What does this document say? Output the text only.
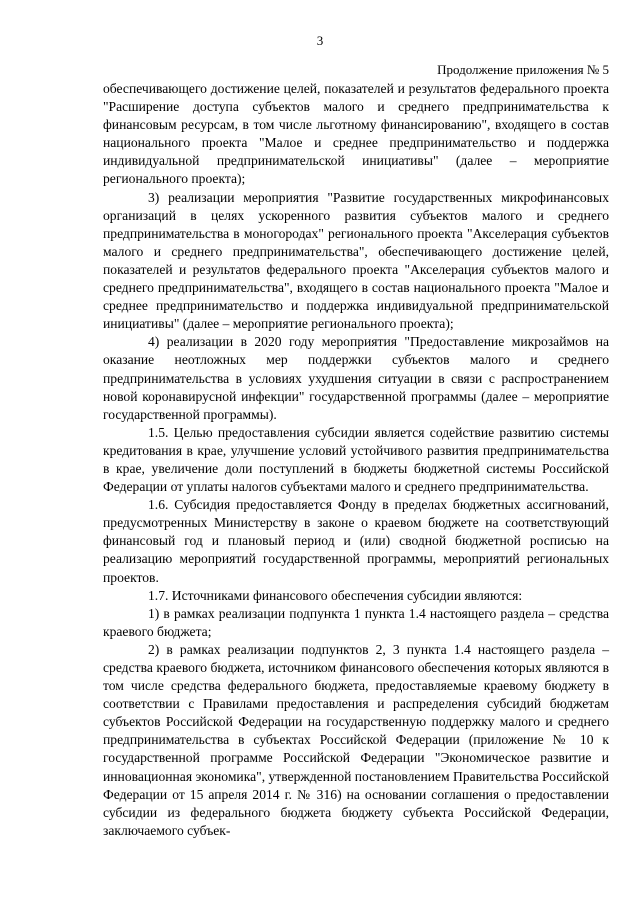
3
Продолжение приложения № 5

обеспечивающего достижение целей, показателей и результатов федерального проекта "Расширение доступа субъектов малого и среднего предпринимательства к финансовым ресурсам, в том числе льготному финансированию", входящего в состав национального проекта "Малое и среднее предпринимательство и поддержка индивидуальной предпринимательской инициативы" (далее – мероприятие регионального проекта);

3) реализации мероприятия "Развитие государственных микрофинансовых организаций в целях ускоренного развития субъектов малого и среднего предпринимательства в моногородах" регионального проекта "Акселерация субъектов малого и среднего предпринимательства", обеспечивающего достижение целей, показателей и результатов федерального проекта "Акселерация субъектов малого и среднего предпринимательства", входящего в состав национального проекта "Малое и среднее предпринимательство и поддержка индивидуальной предпринимательской инициативы" (далее – мероприятие регионального проекта);

4) реализации в 2020 году мероприятия "Предоставление микрозаймов на оказание неотложных мер поддержки субъектов малого и среднего предпринимательства в условиях ухудшения ситуации в связи с распространением новой коронавирусной инфекции" государственной программы (далее – мероприятие государственной программы).

1.5. Целью предоставления субсидии является содействие развитию системы кредитования в крае, улучшение условий устойчивого развития предпринимательства в крае, увеличение доли поступлений в бюджеты бюджетной системы Российской Федерации от уплаты налогов субъектами малого и среднего предпринимательства.

1.6. Субсидия предоставляется Фонду в пределах бюджетных ассигнований, предусмотренных Министерству в законе о краевом бюджете на соответствующий финансовый год и плановый период и (или) сводной бюджетной росписью на реализацию мероприятий государственной программы, мероприятий региональных проектов.

1.7. Источниками финансового обеспечения субсидии являются:

1) в рамках реализации подпункта 1 пункта 1.4 настоящего раздела – средства краевого бюджета;

2) в рамках реализации подпунктов 2, 3 пункта 1.4 настоящего раздела – средства краевого бюджета, источником финансового обеспечения которых являются в том числе средства федерального бюджета, предоставляемые краевому бюджету в соответствии с Правилами предоставления и распределения субсидий бюджетам субъектов Российской Федерации на государственную поддержку малого и среднего предпринимательства в субъектах Российской Федерации (приложение № 10 к государственной программе Российской Федерации "Экономическое развитие и инновационная экономика", утвержденной постановлением Правительства Российской Федерации от 15 апреля 2014 г. № 316) на основании соглашения о предоставлении субсидии из федерального бюджета бюджету субъекта Российской Федерации, заключаемого субъек-
